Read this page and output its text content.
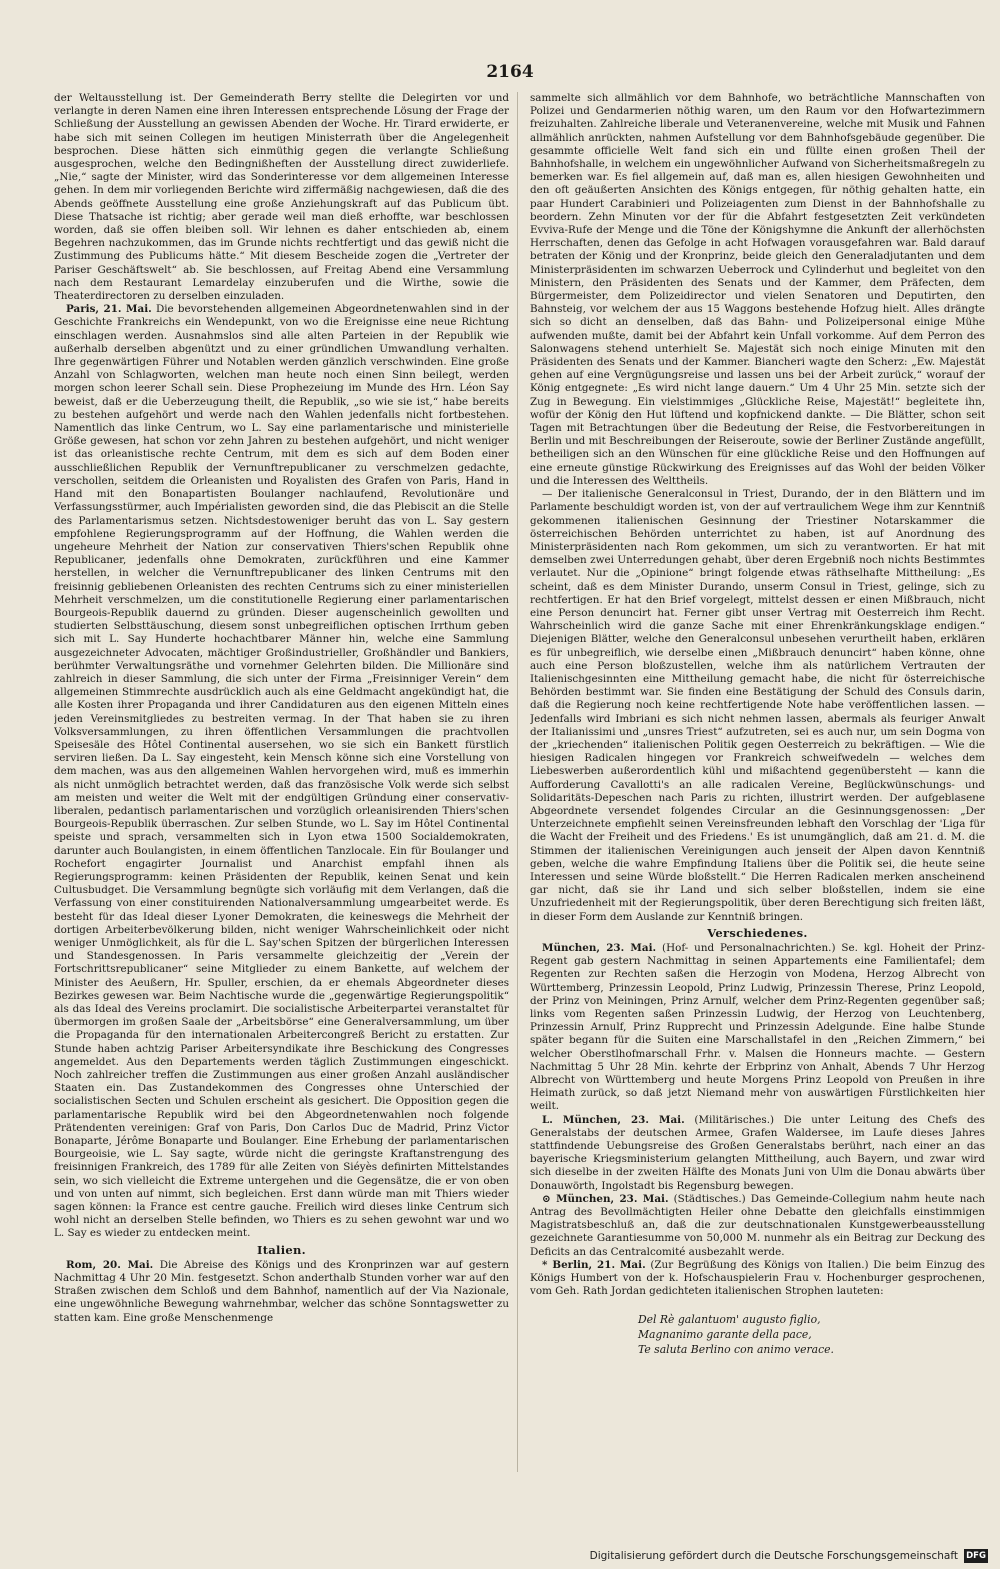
2164

der Weltausstellung ist. Der Gemeinderath Berry stellte die Delegirten vor und verlangte in deren Namen eine ihren Interessen entsprechende Lösung der Frage der Schließung der Ausstellung an gewissen Abenden der Woche. Hr. Tirard erwiderte, er habe sich mit seinen Collegen im heutigen Ministerrath über die Angelegenheit besprochen. Diese hätten sich einmüthig gegen die verlangte Schließung ausgesprochen, welche den Bedingnißheften der Ausstellung direct zuwiderliefe. „Nie,“ sagte der Minister, wird das Sonderinteresse vor dem allgemeinen Interesse gehen. In dem mir vorliegenden Berichte wird ziffermäßig nachgewiesen, daß die des Abends geöffnete Ausstellung eine große Anziehungskraft auf das Publicum übt. Diese Thatsache ist richtig; aber gerade weil man dieß erhoffte, war beschlossen worden, daß sie offen bleiben soll. Wir lehnen es daher entschieden ab, einem Begehren nachzukommen, das im Grunde nichts rechtfertigt und das gewiß nicht die Zustimmung des Publicums hätte.“ Mit diesem Bescheide zogen die „Vertreter der Pariser Geschäftswelt“ ab. Sie beschlossen, auf Freitag Abend eine Versammlung nach dem Restaurant Lemardelay einzuberufen und die Wirthe, sowie die Theaterdirectoren zu derselben einzuladen.

Paris, 21. Mai. Die bevorstehenden allgemeinen Abgeordnetenwahlen sind in der Geschichte Frankreichs ein Wendepunkt, von wo die Ereignisse eine neue Richtung einschlagen werden. Ausnahmslos sind alle alten Parteien in der Republik wie außerhalb derselben abgenützt und zu einer gründlichen Umwandlung verhalten. Ihre gegenwärtigen Führer und Notablen werden gänzlich verschwinden. Eine große Anzahl von Schlagworten, welchen man heute noch einen Sinn beilegt, werden morgen schon leerer Schall sein. Diese Prophezeiung im Munde des Hrn. Léon Say beweist, daß er die Ueberzeugung theilt, die Republik, „so wie sie ist,“ habe bereits zu bestehen aufgehört und werde nach den Wahlen jedenfalls nicht fortbestehen. Namentlich das linke Centrum, wo L. Say eine parlamentarische und ministerielle Größe gewesen, hat schon vor zehn Jahren zu bestehen aufgehört, und nicht weniger ist das orleanistische rechte Centrum, mit dem es sich auf dem Boden einer ausschließlichen Republik der Vernunftrepublicaner zu verschmelzen gedachte, verschollen, seitdem die Orleanisten und Royalisten des Grafen von Paris, Hand in Hand mit den Bonapartisten Boulanger nachlaufend, Revolutionäre und Verfassungsstürmer, auch Impérialisten geworden sind, die das Plebiscit an die Stelle des Parlamentarismus setzen. Nichtsdestoweniger beruht das von L. Say gestern empfohlene Regierungsprogramm auf der Hoffnung, die Wahlen werden die ungeheure Mehrheit der Nation zur conservativen Thiers'schen Republik ohne Republicaner, jedenfalls ohne Demokraten, zurückführen und eine Kammer herstellen, in welcher die Vernunftrepublicaner des linken Centrums mit den freisinnig gebliebenen Orleanisten des rechten Centrums sich zu einer ministeriellen Mehrheit verschmelzen, um die constitutionelle Regierung einer parlamentarischen Bourgeois-Republik dauernd zu gründen. Dieser augenscheinlich gewollten und studierten Selbsttäuschung, diesem sonst unbegreiflichen optischen Irrthum geben sich mit L. Say Hunderte hochachtbarer Männer hin, welche eine Sammlung ausgezeichneter Advocaten, mächtiger Großindustrieller, Großhändler und Bankiers, berühmter Verwaltungsräthe und vornehmer Gelehrten bilden. Die Millionäre sind zahlreich in dieser Sammlung, die sich unter der Firma „Freisinniger Verein“ dem allgemeinen Stimmrechte ausdrücklich auch als eine Geldmacht angekündigt hat, die alle Kosten ihrer Propaganda und ihrer Candidaturen aus den eigenen Mitteln eines jeden Vereinsmitgliedes zu bestreiten vermag. In der That haben sie zu ihren Volksversammlungen, zu ihren öffentlichen Versammlungen die prachtvollen Speisesäle des Hôtel Continental ausersehen, wo sie sich ein Bankett fürstlich serviren ließen. Da L. Say eingesteht, kein Mensch könne sich eine Vorstellung von dem machen, was aus den allgemeinen Wahlen hervorgehen wird, muß es immerhin als nicht unmöglich betrachtet werden, daß das französische Volk werde sich selbst am meisten und weiter die Welt mit der endgültigen Gründung einer conservativ-liberalen, pedantisch parlamentarischen und vorzüglich orleanisirenden Thiers'schen Bourgeois-Republik überraschen. Zur selben Stunde, wo L. Say im Hôtel Continental speiste und sprach, versammelten sich in Lyon etwa 1500 Socialdemokraten, darunter auch Boulangisten, in einem öffentlichen Tanzlocale. Ein für Boulanger und Rochefort engagirter Journalist und Anarchist empfahl ihnen als Regierungsprogramm: keinen Präsidenten der Republik, keinen Senat und kein Cultusbudget. Die Versammlung begnügte sich vorläufig mit dem Verlangen, daß die Verfassung von einer constituirenden Nationalversammlung umgearbeitet werde. Es besteht für das Ideal dieser Lyoner Demokraten, die keineswegs die Mehrheit der dortigen Arbeiterbevölkerung bilden, nicht weniger Wahrscheinlichkeit oder nicht weniger Unmöglichkeit, als für die L. Say'schen Spitzen der bürgerlichen Interessen und Standesgenossen. In Paris versammelte gleichzeitig der „Verein der Fortschrittsrepublicaner“ seine Mitglieder zu einem Bankette, auf welchem der Minister des Aeußern, Hr. Spuller, erschien, da er ehemals Abgeordneter dieses Bezirkes gewesen war. Beim Nachtische wurde die „gegenwärtige Regierungspolitik“ als das Ideal des Vereins proclamirt. Die socialistische Arbeiterpartei veranstaltet für übermorgen im großen Saale der „Arbeitsbörse“ eine Generalversammlung, um über die Propaganda für den internationalen Arbeitercongreß Bericht zu erstatten. Zur Stunde haben achtzig Pariser Arbeitersyndikate ihre Beschickung des Congresses angemeldet. Aus den Departements werden täglich Zustimmungen eingeschickt. Noch zahlreicher treffen die Zustimmungen aus einer großen Anzahl ausländischer Staaten ein. Das Zustandekommen des Congresses ohne Unterschied der socialistischen Secten und Schulen erscheint als gesichert. Die Opposition gegen die parlamentarische Republik wird bei den Abgeordnetenwahlen noch folgende Prätendenten vereinigen: Graf von Paris, Don Carlos Duc de Madrid, Prinz Victor Bonaparte, Jérôme Bonaparte und Boulanger. Eine Erhebung der parlamentarischen Bourgeoisie, wie L. Say sagte, würde nicht die geringste Kraftanstrengung des freisinnigen Frankreich, des 1789 für alle Zeiten von Siéyès definirten Mittelstandes sein, wo sich vielleicht die Extreme untergehen und die Gegensätze, die er von oben und von unten auf nimmt, sich begleichen. Erst dann würde man mit Thiers wieder sagen können: la France est centre gauche. Freilich wird dieses linke Centrum sich wohl nicht an derselben Stelle befinden, wo Thiers es zu sehen gewohnt war und wo L. Say es wieder zu entdecken meint.

Italien.

Rom, 20. Mai. Die Abreise des Königs und des Kronprinzen war auf gestern Nachmittag 4 Uhr 20 Min. festgesetzt. Schon anderthalb Stunden vorher war auf den Straßen zwischen dem Schloß und dem Bahnhof, namentlich auf der Via Nazionale, eine ungewöhnliche Bewegung wahrnehmbar, welcher das schöne Sonntagswetter zu statten kam. Eine große Menschenmenge

sammelte sich allmählich vor dem Bahnhofe, wo beträchtliche Mannschaften von Polizei und Gendarmerien nöthig waren, um den Raum vor den Hofwartezimmern freizuhalten. Zahlreiche liberale und Veteranenvereine, welche mit Musik und Fahnen allmählich anrückten, nahmen Aufstellung vor dem Bahnhofsgebäude gegenüber. Die gesammte officielle Welt fand sich ein und füllte einen großen Theil der Bahnhofshalle, in welchem ein ungewöhnlicher Aufwand von Sicherheitsmaßregeln zu bemerken war. Es fiel allgemein auf, daß man es, allen hiesigen Gewohnheiten und den oft geäußerten Ansichten des Königs entgegen, für nöthig gehalten hatte, ein paar Hundert Carabinieri und Polizeiagenten zum Dienst in der Bahnhofshalle zu beordern. Zehn Minuten vor der für die Abfahrt festgesetzten Zeit verkündeten Evviva-Rufe der Menge und die Töne der Königshymne die Ankunft der allerhöchsten Herrschaften, denen das Gefolge in acht Hofwagen vorausgefahren war. Bald darauf betraten der König und der Kronprinz, beide gleich den Generaladjutanten und dem Ministerpräsidenten im schwarzen Ueberrock und Cylinderhut und begleitet von den Ministern, den Präsidenten des Senats und der Kammer, dem Präfecten, dem Bürgermeister, dem Polizeidirector und vielen Senatoren und Deputirten, den Bahnsteig, vor welchem der aus 15 Waggons bestehende Hofzug hielt. Alles drängte sich so dicht an denselben, daß das Bahn- und Polizeipersonal einige Mühe aufwenden mußte, damit bei der Abfahrt kein Unfall vorkomme. Auf dem Perron des Salonwagens stehend unterhielt Se. Majestät sich noch einige Minuten mit den Präsidenten des Senats und der Kammer. Biancheri wagte den Scherz: „Ew. Majestät gehen auf eine Vergnügungsreise und lassen uns bei der Arbeit zurück,“ worauf der König entgegnete: „Es wird nicht lange dauern.“ Um 4 Uhr 25 Min. setzte sich der Zug in Bewegung. Ein vielstimmiges „Glückliche Reise, Majestät!“ begleitete ihn, wofür der König den Hut lüftend und kopfnickend dankte. — Die Blätter, schon seit Tagen mit Betrachtungen über die Bedeutung der Reise, die Festvorbereitungen in Berlin und mit Beschreibungen der Reiseroute, sowie der Berliner Zustände angefüllt, betheiligen sich an den Wünschen für eine glückliche Reise und den Hoffnungen auf eine erneute günstige Rückwirkung des Ereignisses auf das Wohl der beiden Völker und die Interessen des Welttheils.

— Der italienische Generalconsul in Triest, Durando, der in den Blättern und im Parlamente beschuldigt worden ist, von der auf vertraulichem Wege ihm zur Kenntniß gekommenen italienischen Gesinnung der Triestiner Notarskammer die österreichischen Behörden unterrichtet zu haben, ist auf Anordnung des Ministerpräsidenten nach Rom gekommen, um sich zu verantworten. Er hat mit demselben zwei Unterredungen gehabt, über deren Ergebniß noch nichts Bestimmtes verlautet. Nur die „Opinione“ bringt folgende etwas räthselhafte Mittheilung: „Es scheint, daß es dem Minister Durando, unserm Consul in Triest, gelinge, sich zu rechtfertigen. Er hat den Brief vorgelegt, mittelst dessen er einen Mißbrauch, nicht eine Person denuncirt hat. Ferner gibt unser Vertrag mit Oesterreich ihm Recht. Wahrscheinlich wird die ganze Sache mit einer Ehrenkränkungsklage endigen.“ Diejenigen Blätter, welche den Generalconsul unbesehen verurtheilt haben, erklären es für unbegreiflich, wie derselbe einen „Mißbrauch denuncirt“ haben könne, ohne auch eine Person bloßzustellen, welche ihm als natürlichem Vertrauten der Italienischgesinnten eine Mittheilung gemacht habe, die nicht für österreichische Behörden bestimmt war. Sie finden eine Bestätigung der Schuld des Consuls darin, daß die Regierung noch keine rechtfertigende Note habe veröffentlichen lassen. — Jedenfalls wird Imbriani es sich nicht nehmen lassen, abermals als feuriger Anwalt der Italianissimi und „unsres Triest“ aufzutreten, sei es auch nur, um sein Dogma von der „kriechenden“ italienischen Politik gegen Oesterreich zu bekräftigen. — Wie die hiesigen Radicalen hingegen vor Frankreich schweifwedeln — welches dem Liebeswerben außerordentlich kühl und mißachtend gegenübersteht — kann die Aufforderung Cavallotti's an alle radicalen Vereine, Beglückwünschungs- und Solidaritäts-Depeschen nach Paris zu richten, illustrirt werden. Der aufgeblasene Abgeordnete versendet folgendes Circular an die Gesinnungsgenossen: „Der Unterzeichnete empfiehlt seinen Vereinsfreunden lebhaft den Vorschlag der 'Liga für die Wacht der Freiheit und des Friedens.' Es ist unumgänglich, daß am 21. d. M. die Stimmen der italienischen Vereinigungen auch jenseit der Alpen davon Kenntniß geben, welche die wahre Empfindung Italiens über die Politik sei, die heute seine Interessen und seine Würde bloßstellt.“ Die Herren Radicalen merken anscheinend gar nicht, daß sie ihr Land und sich selber bloßstellen, indem sie eine Unzufriedenheit mit der Regierungspolitik, über deren Berechtigung sich freiten läßt, in dieser Form dem Auslande zur Kenntniß bringen.

Verschiedenes.

München, 23. Mai. (Hof- und Personalnachrichten.) Se. kgl. Hoheit der Prinz-Regent gab gestern Nachmittag in seinen Appartements eine Familientafel; dem Regenten zur Rechten saßen die Herzogin von Modena, Herzog Albrecht von Württemberg, Prinzessin Leopold, Prinz Ludwig, Prinzessin Therese, Prinz Leopold, der Prinz von Meiningen, Prinz Arnulf, welcher dem Prinz-Regenten gegenüber saß; links vom Regenten saßen Prinzessin Ludwig, der Herzog von Leuchtenberg, Prinzessin Arnulf, Prinz Rupprecht und Prinzessin Adelgunde. Eine halbe Stunde später begann für die Suiten eine Marschallstafel in den „Reichen Zimmern,“ bei welcher Oberstlhofmarschall Frhr. v. Malsen die Honneurs machte. — Gestern Nachmittag 5 Uhr 28 Min. kehrte der Erbprinz von Anhalt, Abends 7 Uhr Herzog Albrecht von Württemberg und heute Morgens Prinz Leopold von Preußen in ihre Heimath zurück, so daß jetzt Niemand mehr von auswärtigen Fürstlichkeiten hier weilt.

L. München, 23. Mai. (Militärisches.) Die unter Leitung des Chefs des Generalstabs der deutschen Armee, Grafen Waldersee, im Laufe dieses Jahres stattfindende Uebungsreise des Großen Generalstabs berührt, nach einer an das bayerische Kriegsministerium gelangten Mittheilung, auch Bayern, und zwar wird sich dieselbe in der zweiten Hälfte des Monats Juni von Ulm die Donau abwärts über Donauwörth, Ingolstadt bis Regensburg bewegen.

⊙ München, 23. Mai. (Städtisches.) Das Gemeinde-Collegium nahm heute nach Antrag des Bevollmächtigten Heiler ohne Debatte den gleichfalls einstimmigen Magistratsbeschluß an, daß die zur deutschnationalen Kunstgewerbeausstellung gezeichnete Garantiesumme von 50,000 M. nunmehr als ein Beitrag zur Deckung des Deficits an das Centralcomité ausbezahlt werde.

* Berlin, 21. Mai. (Zur Begrüßung des Königs von Italien.) Die beim Einzug des Königs Humbert von der k. Hofschauspielerin Frau v. Hochenburger gesprochenen, vom Geh. Rath Jordan gedichteten italienischen Strophen lauteten:

Del Rè galantuom' augusto figlio,
Magnanimo garante della pace,
Te saluta Berlino con animo verace.
Digitalisierung gefördert durch die Deutsche Forschungsgemeinschaft DFG
